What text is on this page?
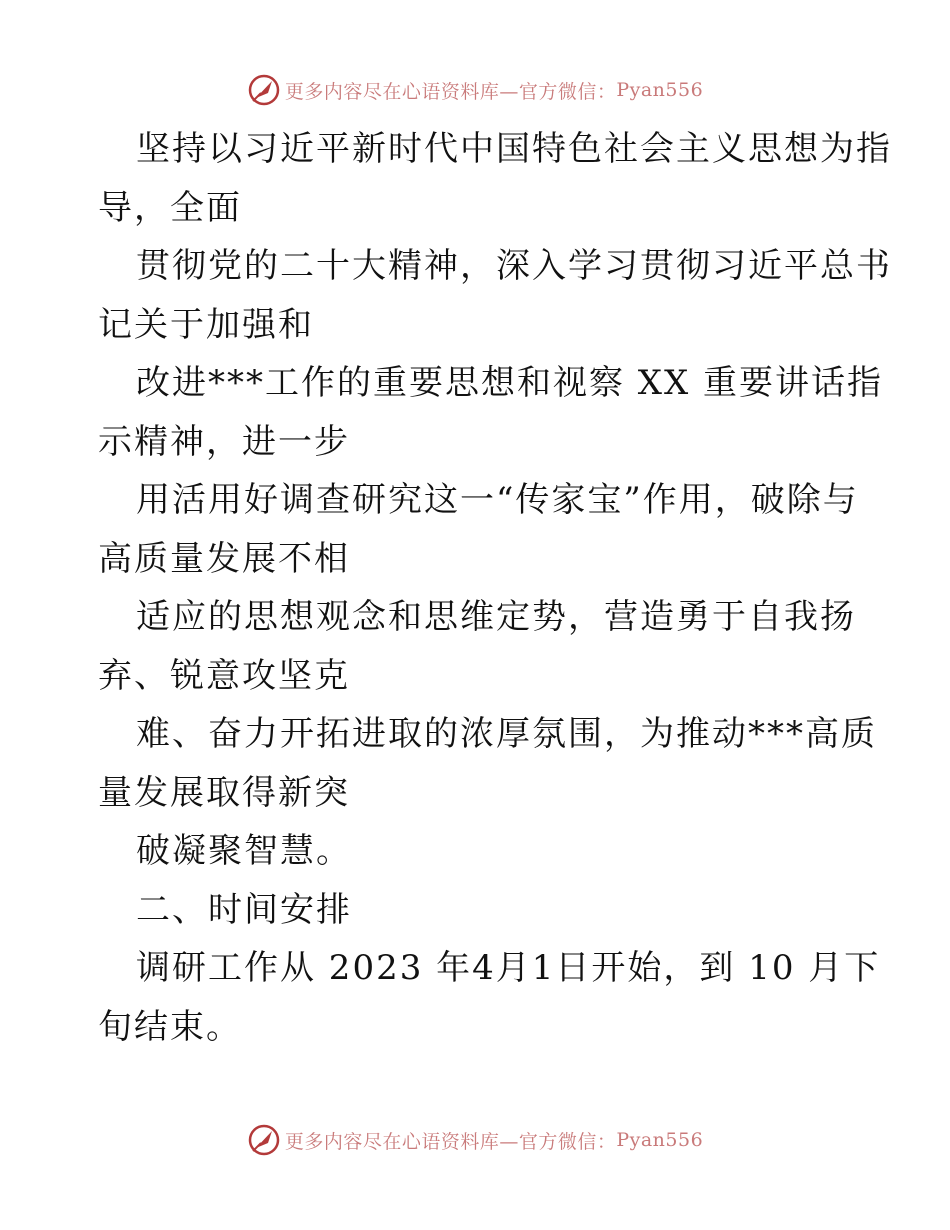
更多内容尽在心语资料库—官方微信： Pyan556
坚持以习近平新时代中国特色社会主义思想为指
导，全面
贯彻党的二十大精神，深入学习贯彻习近平总书
记关于加强和
改进***工作的重要思想和视察 XX 重要讲话指
示精神，进一步
用活用好调查研究这一“传家宝”作用，破除与
高质量发展不相
适应的思想观念和思维定势，营造勇于自我扬
弃、锐意攻坚克
难、奋力开拓进取的浓厚氛围，为推动***高质
量发展取得新突
破凝聚智慧。
二、时间安排
调研工作从 2023 年4月1日开始，到 10 月下
旬结束。
更多内容尽在心语资料库—官方微信： Pyan556
